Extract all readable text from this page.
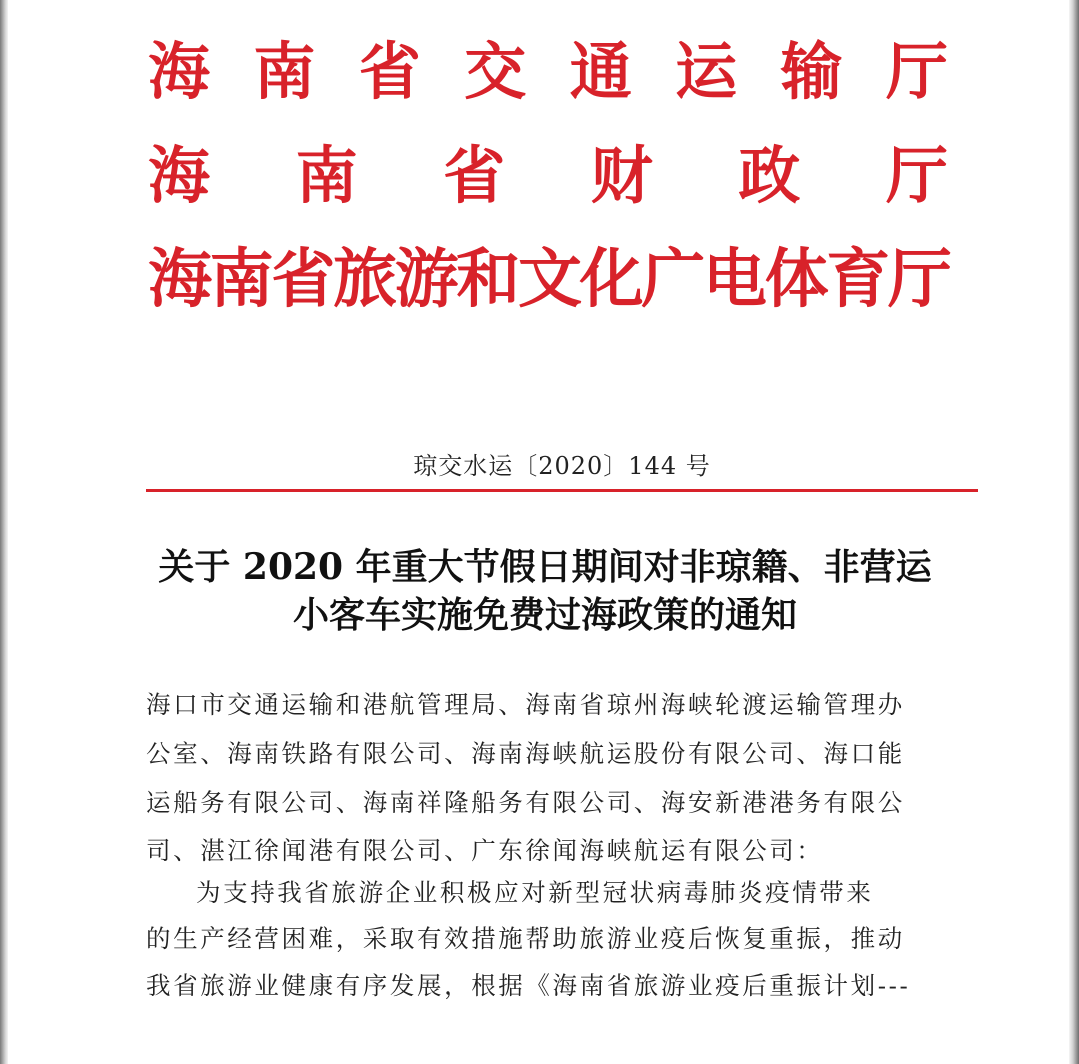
海 南 省 交 通 运 输 厅
海 南 省 财 政 厅
海 南 省 旅 游 和 文 化 广 电 体 育 厅
琼交水运〔2020〕144 号
关于 2020 年重大节假日期间对非琼籍、非营运
小客车实施免费过海政策的通知
海口市交通运输和港航管理局、海南省琼州海峡轮渡运输管理办
公室、海南铁路有限公司、海南海峡航运股份有限公司、海口能
运船务有限公司、海南祥隆船务有限公司、海安新港港务有限公
司、湛江徐闻港有限公司、广东徐闻海峡航运有限公司：
为支持我省旅游企业积极应对新型冠状病毒肺炎疫情带来
的生产经营困难，采取有效措施帮助旅游业疫后恢复重振，推动
我省旅游业健康有序发展，根据《海南省旅游业疫后重振计划---
